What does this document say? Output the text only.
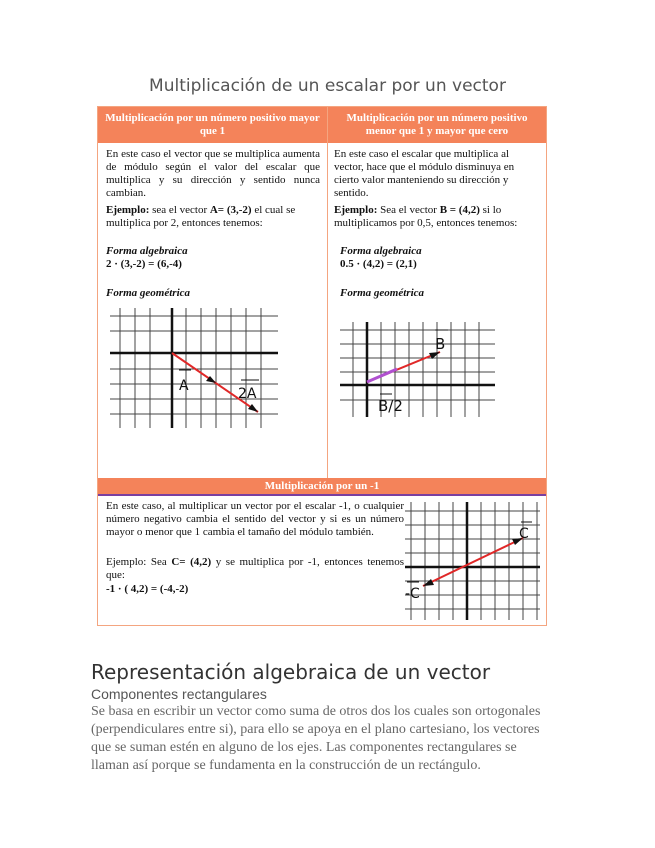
Multiplicación de un escalar por un vector
Multiplicación por un número positivo mayor que 1
Multiplicación por un número positivo menor que 1 y mayor que cero
En este caso el vector que se multiplica aumenta de módulo según el valor del escalar que multiplica y su dirección y sentido nunca cambian.
Ejemplo: sea el vector A= (3,-2) el cual se multiplica por 2, entonces tenemos:
Forma algebraica
2 · (3,-2) = (6,-4)
Forma geométrica
A	2A
En este caso el escalar que multiplica al vector, hace que el módulo disminuya en cierto valor manteniendo su dirección y sentido.
Ejemplo: Sea el vector B = (4,2) si lo multiplicamos por 0,5, entonces tenemos:
Forma algebraica
0.5 · (4,2) = (2,1)
Forma geométrica
B
B/2
Multiplicación por un -1
En este caso, al multiplicar un vector por el escalar -1, o cualquier número negativo cambia el sentido del vector y si es un número mayor o menor que 1 cambia el tamaño del módulo también.
Ejemplo: Sea C= (4,2) y se multiplica por -1, entonces tenemos que:
-1 · ( 4,2) = (-4,-2)
C
-C
Representación algebraica de un vector
Componentes rectangulares
Se basa en escribir un vector como suma de otros dos los cuales son ortogonales (perpendiculares entre si), para ello se apoya en el plano cartesiano, los vectores que se suman estén en alguno de los ejes. Las componentes rectangulares se llaman así porque se fundamenta en la construcción de un rectángulo.
